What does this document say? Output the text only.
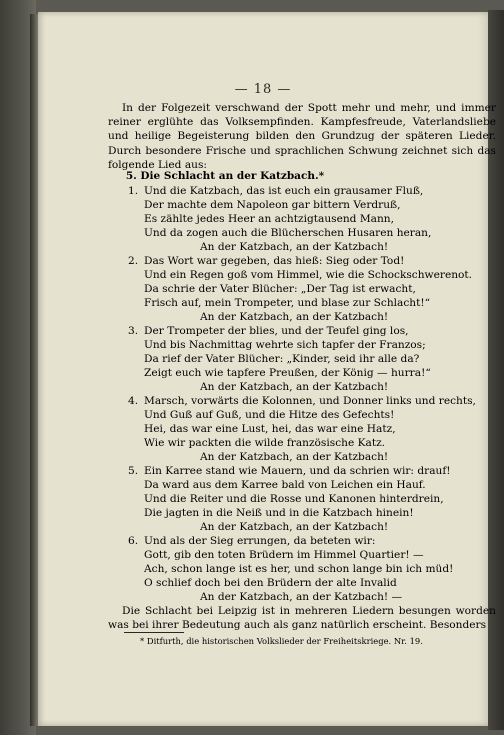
— 18 —

In der Folgezeit verschwand der Spott mehr und mehr, und immer reiner erglühte das Volksempfinden. Kampfesfreude, Vaterlandsliebe und heilige Begeisterung bilden den Grundzug der späteren Lieder. Durch besondere Frische und sprachlichen Schwung zeichnet sich das folgende Lied aus:

5. Die Schlacht an der Katzbach.*
1. Und die Katzbach, das ist euch ein grausamer Fluß,
Der machte dem Napoleon gar bittern Verdruß,
Es zählte jedes Heer an achtzigtausend Mann,
Und da zogen auch die Blücherschen Husaren heran,
An der Katzbach, an der Katzbach!
2. Das Wort war gegeben, das hieß: Sieg oder Tod!
Und ein Regen goß vom Himmel, wie die Schockschwerenot.
Da schrie der Vater Blücher: „Der Tag ist erwacht,
Frisch auf, mein Trompeter, und blase zur Schlacht!“
An der Katzbach, an der Katzbach!
3. Der Trompeter der blies, und der Teufel ging los,
Und bis Nachmittag wehrte sich tapfer der Franzos;
Da rief der Vater Blücher: „Kinder, seid ihr alle da?
Zeigt euch wie tapfere Preußen, der König — hurra!“
An der Katzbach, an der Katzbach!
4. Marsch, vorwärts die Kolonnen, und Donner links und rechts,
Und Guß auf Guß, und die Hitze des Gefechts!
Hei, das war eine Lust, hei, das war eine Hatz,
Wie wir packten die wilde französische Katz.
An der Katzbach, an der Katzbach!
5. Ein Karree stand wie Mauern, und da schrien wir: drauf!
Da ward aus dem Karree bald von Leichen ein Hauf.
Und die Reiter und die Rosse und Kanonen hinterdrein,
Die jagten in die Neiß und in die Katzbach hinein!
An der Katzbach, an der Katzbach!
6. Und als der Sieg errungen, da beteten wir:
Gott, gib den toten Brüdern im Himmel Quartier! —
Ach, schon lange ist es her, und schon lange bin ich müd!
O schlief doch bei den Brüdern der alte Invalid
An der Katzbach, an der Katzbach! —

Die Schlacht bei Leipzig ist in mehreren Liedern besungen worden was bei ihrer Bedeutung auch als ganz natürlich erscheint. Besonders

* Ditfurth, die historischen Volkslieder der Freiheitskriege. Nr. 19.
